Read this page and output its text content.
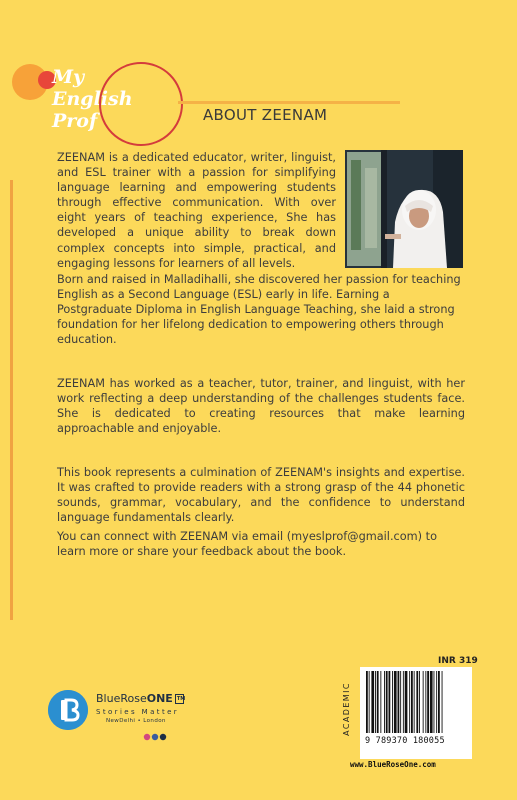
My
English
Prof	ABOUT ZEENAM

ZEENAM is a dedicated educator, writer, linguist, and ESL trainer with a passion for simplifying language learning and empowering students through effective communication. With over eight years of teaching experience, She has developed a unique ability to break down complex concepts into simple, practical, and engaging lessons for learners of all levels.

Born and raised in Malladihalli, she discovered her passion for teaching English as a Second Language (ESL) early in life. Earning a Postgraduate Diploma in English Language Teaching, she laid a strong foundation for her lifelong dedication to empowering others through education.

ZEENAM has worked as a teacher, tutor, trainer, and linguist, with her work reflecting a deep understanding of the challenges students face. She is dedicated to creating resources that make learning approachable and enjoyable.

This book represents a culmination of ZEENAM's insights and expertise. It was crafted to provide readers with a strong grasp of the 44 phonetic sounds, grammar, vocabulary, and the confidence to understand language fundamentals clearly.

You can connect with ZEENAM via email (myeslprof@gmail.com) to learn more or share your feedback about the book.

BlueRoseONE TM
Stories Matter
NewDelhi • London
INR 319
ACADEMIC
9 789370 180055
www.BlueRoseOne.com
